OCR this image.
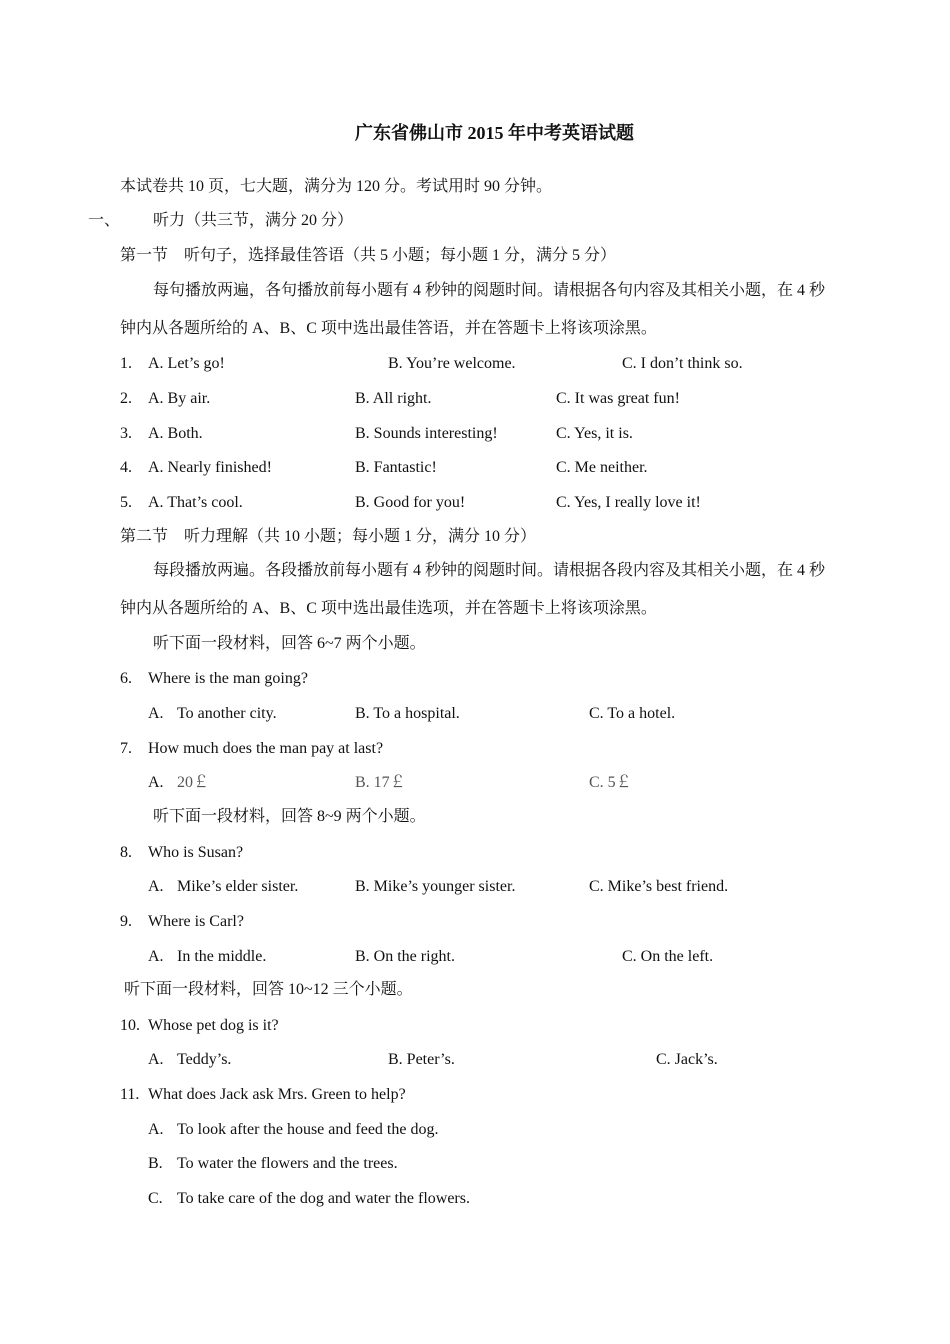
广东省佛山市 2015 年中考英语试题
本试卷共 10 页，七大题，满分为 120 分。考试用时 90 分钟。
一、 听力（共三节，满分 20 分）
第一节　听句子，选择最佳答语（共 5 小题；每小题 1 分，满分 5 分）
每句播放两遍，各句播放前每小题有 4 秒钟的阅题时间。请根据各句内容及其相关小题，在 4 秒
钟内从各题所给的 A、B、C 项中选出最佳答语，并在答题卡上将该项涂黑。
1. A. Let’s go!	B. You’re welcome.	C. I don’t think so.
2. A. By air.	B. All right.	C. It was great fun!
3. A. Both.	B. Sounds interesting!	C. Yes, it is.
4. A. Nearly finished!	B. Fantastic!	C. Me neither.
5. A. That’s cool.	B. Good for you!	C. Yes, I really love it!
第二节　听力理解（共 10 小题；每小题 1 分，满分 10 分）
每段播放两遍。各段播放前每小题有 4 秒钟的阅题时间。请根据各段内容及其相关小题，在 4 秒
钟内从各题所给的 A、B、C 项中选出最佳选项，并在答题卡上将该项涂黑。
听下面一段材料，回答 6~7 两个小题。
6. Where is the man going?
A. To another city.	B. To a hospital.	C. To a hotel.
7. How much does the man pay at last?
A. 20￡	B. 17￡	C. 5￡
听下面一段材料，回答 8~9 两个小题。
8. Who is Susan?
A. Mike’s elder sister.	B. Mike’s younger sister.	C. Mike’s best friend.
9. Where is Carl?
A. In the middle.	B. On the right.	C. On the left.
听下面一段材料，回答 10~12 三个小题。
10. Whose pet dog is it?
A. Teddy’s.	B. Peter’s.	C. Jack’s.
11. What does Jack ask Mrs. Green to help?
A. To look after the house and feed the dog.
B. To water the flowers and the trees.
C. To take care of the dog and water the flowers.
